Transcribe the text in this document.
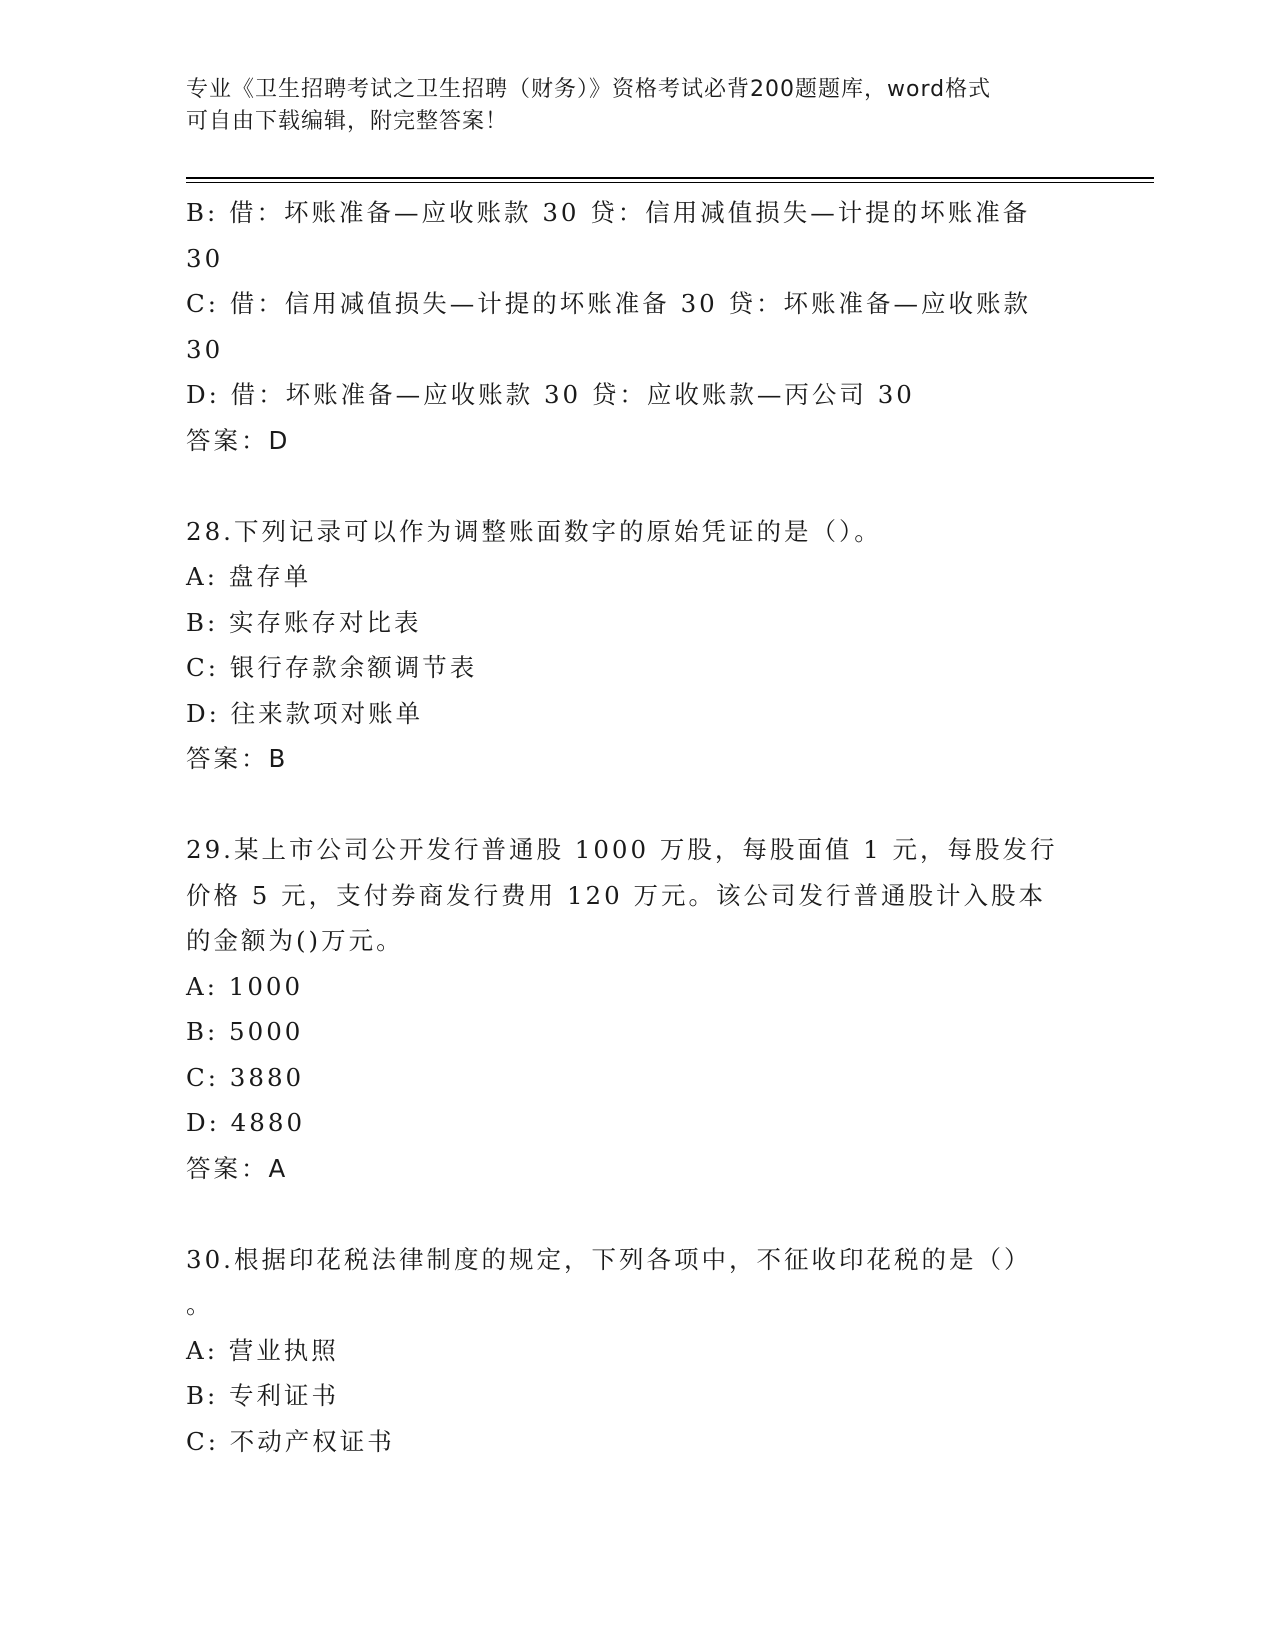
专业《卫生招聘考试之卫生招聘（财务）》资格考试必背200题题库，word格式
可自由下载编辑，附完整答案！
B: 借：坏账准备—应收账款 30 贷：信用减值损失—计提的坏账准备
30
C: 借：信用减值损失—计提的坏账准备 30 贷：坏账准备—应收账款
30
D: 借：坏账准备—应收账款 30 贷：应收账款—丙公司 30
答案：D
28.下列记录可以作为调整账面数字的原始凭证的是（）。
A: 盘存单
B: 实存账存对比表
C: 银行存款余额调节表
D: 往来款项对账单
答案：B
29.某上市公司公开发行普通股 1000 万股，每股面值 1 元，每股发行
价格 5 元，支付券商发行费用 120 万元。该公司发行普通股计入股本
的金额为()万元。
A: 1000
B: 5000
C: 3880
D: 4880
答案：A
30.根据印花税法律制度的规定，下列各项中，不征收印花税的是（）
。
A: 营业执照
B: 专利证书
C: 不动产权证书
